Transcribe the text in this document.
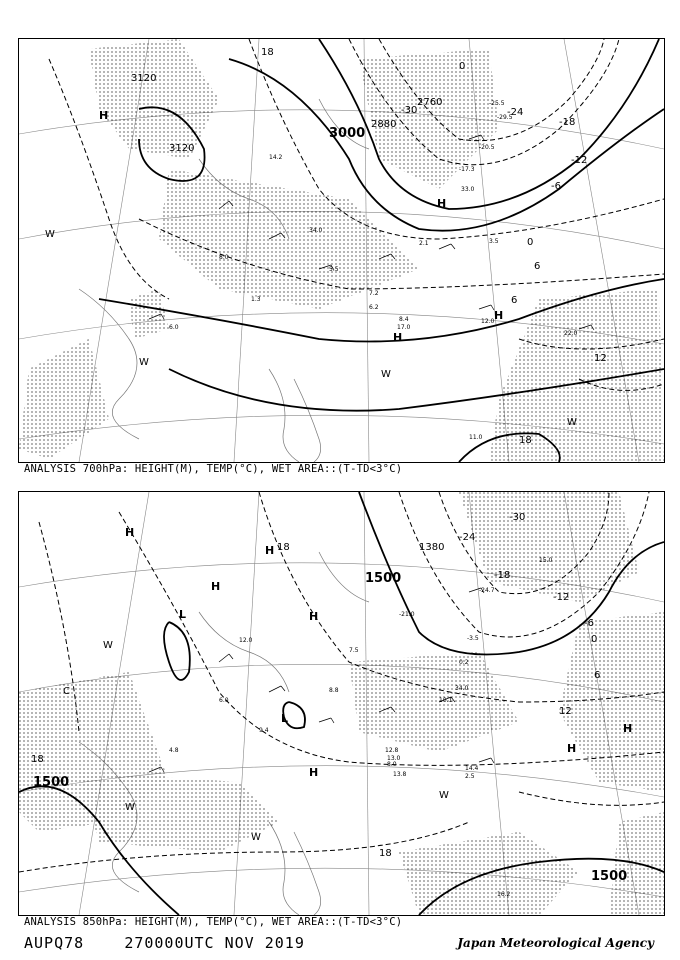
3120
3120
3000
2880
2760
18
-30	-24
-18
-12
-6
0
6
12
6
0
18
H
H
H
H
W
W
W
W
34.0
33.0
17.0
12.0
22.0
8.0
2.1
14.2
1.3
6.0
5.5
-17.3
-20.5
-25.5
-29.5
11.0
3.5
7.2
8.4
6.2
ANALYSIS 700hPa: HEIGHT(M), TEMP(°C), WET AREA::(T-TD<3°C)
1500
1380
1500
1500
18
-30
-18
-12
-6
0
6
12
18
18
-24
C
H
H
H
H
H
L
L
H
H
W
W
W
W
34.0
13.0
8.0
12.8
14.4
2.5
13.8
16.2
0.2
-3.5
-21.0
-24.7
15.0
6.0
9.4
4.8
12.0
8.8
10.1
7.5
ANALYSIS 850hPa: HEIGHT(M), TEMP(°C), WET AREA::(T-TD<3°C)
AUPQ78	270000UTC NOV 2019	Japan Meteorological Agency
